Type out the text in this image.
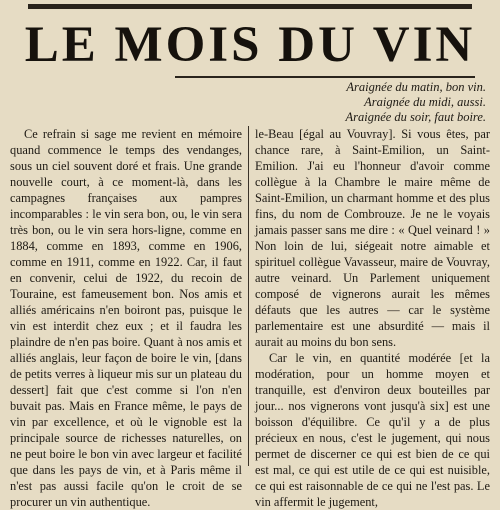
LE MOIS DU VIN
Araignée du matin, bon vin.
Araignée du midi, aussi.
Araignée du soir, faut boire.

Ce refrain si sage me revient en mémoire quand commence le temps des vendanges, sous un ciel souvent doré et frais. Une grande nouvelle court, à ce moment-là, dans les campagnes françaises aux pampres incomparables : le vin sera bon, ou, le vin sera très bon, ou le vin sera hors-ligne, comme en 1884, comme en 1893, comme en 1906, comme en 1911, comme en 1922. Car, il faut en convenir, celui de 1922, du recoin de Touraine, est fameusement bon. Nos amis et alliés américains n'en boiront pas, puisque le vin est interdit chez eux ; et il faudra les plaindre de n'en pas boire. Quant à nos amis et alliés anglais, leur façon de boire le vin, [dans de petits verres à liqueur mis sur un plateau du dessert] fait que c'est comme si l'on n'en buvait pas. Mais en France même, le pays de vin par excellence, et où le vignoble est la principale source de richesses naturelles, on ne peut boire le bon vin avec largeur et facilité que dans les pays de vin, et à Paris même il n'est pas aussi facile qu'on le croit de se procurer un vin authentique.

le-Beau [égal au Vouvray]. Si vous êtes, par chance rare, à Saint-Emilion, un Saint-Emilion. J'ai eu l'honneur d'avoir comme collègue à la Chambre le maire même de Saint-Emilion, un charmant homme et des plus fins, du nom de Combrouze. Je ne le voyais jamais passer sans me dire : « Quel veinard ! » Non loin de lui, siégeait notre aimable et spirituel collègue Vavasseur, maire de Vouvray, autre veinard. Un Parlement uniquement composé de vignerons aurait les mêmes défauts que les autres — car le système parlementaire est une absurdité — mais il aurait au moins du bon sens.

Car le vin, en quantité modérée [et la modération, pour un homme moyen et tranquille, est d'environ deux bouteilles par jour... nos vignerons vont jusqu'à six] est une boisson d'équilibre. Ce qu'il y a de plus précieux en nous, c'est le jugement, qui nous permet de discerner ce qui est bien de ce qui est mal, ce qui est utile de ce qui est nuisible, ce qui est raisonnable de ce qui ne l'est pas. Le vin affermit le jugement,
